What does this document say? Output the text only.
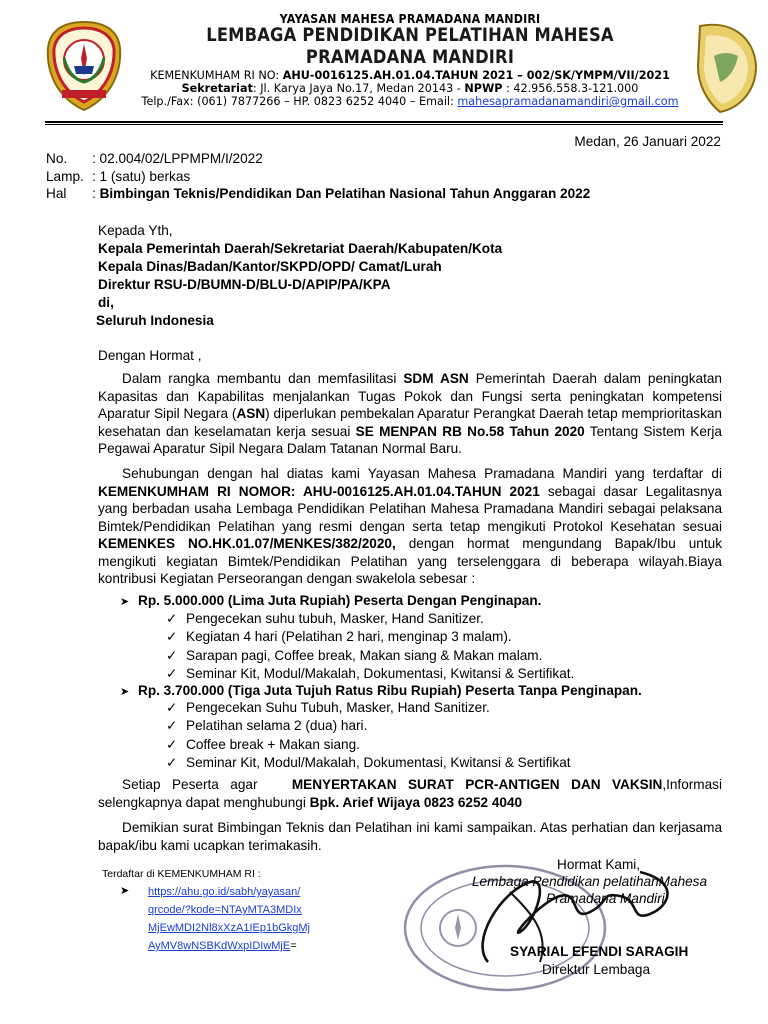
YAYASAN MAHESA PRAMADANA MANDIRI
LEMBAGA PENDIDIKAN PELATIHAN MAHESA PRAMADANA MANDIRI
KEMENKUMHAM RI NO: AHU-0016125.AH.01.04.TAHUN 2021 – 002/SK/YMPM/VII/2021
Sekretariat: Jl. Karya Jaya No.17, Medan 20143 - NPWP : 42.956.558.3-121.000
Telp./Fax: (061) 7877266 – HP. 0823 6252 4040 – Email: mahesapramadanamandiri@gmail.com
Medan, 26 Januari 2022
No.	: 02.004/02/LPPMPM/I/2022
Lamp.	: 1 (satu) berkas
Hal	: Bimbingan Teknis/Pendidikan Dan Pelatihan Nasional Tahun Anggaran 2022
Kepada Yth,
Kepala Pemerintah Daerah/Sekretariat Daerah/Kabupaten/Kota
Kepala Dinas/Badan/Kantor/SKPD/OPD/ Camat/Lurah
Direktur RSU-D/BUMN-D/BLU-D/APIP/PA/KPA
di,
Seluruh Indonesia
Dengan Hormat ,
Dalam rangka membantu dan memfasilitasi SDM ASN Pemerintah Daerah dalam peningkatan Kapasitas dan Kapabilitas menjalankan Tugas Pokok dan Fungsi serta peningkatan kompetensi Aparatur Sipil Negara (ASN) diperlukan pembekalan Aparatur Perangkat Daerah tetap memprioritaskan kesehatan dan keselamatan kerja sesuai SE MENPAN RB No.58 Tahun 2020 Tentang Sistem Kerja Pegawai Aparatur Sipil Negara Dalam Tatanan Normal Baru.
Sehubungan dengan hal diatas kami Yayasan Mahesa Pramadana Mandiri yang terdaftar di KEMENKUMHAM RI NOMOR: AHU-0016125.AH.01.04.TAHUN 2021 sebagai dasar Legalitasnya yang berbadan usaha Lembaga Pendidikan Pelatihan Mahesa Pramadana Mandiri sebagai pelaksana Bimtek/Pendidikan Pelatihan yang resmi dengan serta tetap mengikuti Protokol Kesehatan sesuai KEMENKES NO.HK.01.07/MENKES/382/2020, dengan hormat mengundang Bapak/Ibu untuk mengikuti kegiatan Bimtek/Pendidikan Pelatihan yang terselenggara di beberapa wilayah.Biaya kontribusi Kegiatan Perseorangan dengan swakelola sebesar :
➤ Rp. 5.000.000 (Lima Juta Rupiah) Peserta Dengan Penginapan.
✓ Pengecekan suhu tubuh, Masker, Hand Sanitizer.
✓ Kegiatan 4 hari (Pelatihan 2 hari, menginap 3 malam).
✓ Sarapan pagi, Coffee break, Makan siang & Makan malam.
✓ Seminar Kit, Modul/Makalah, Dokumentasi, Kwitansi & Sertifikat.
➤ Rp. 3.700.000 (Tiga Juta Tujuh Ratus Ribu Rupiah) Peserta Tanpa Penginapan.
✓ Pengecekan Suhu Tubuh, Masker, Hand Sanitizer.
✓ Pelatihan selama 2 (dua) hari.
✓ Coffee break + Makan siang.
✓ Seminar Kit, Modul/Makalah, Dokumentasi, Kwitansi & Sertifikat
Setiap Peserta agar   MENYERTAKAN SURAT PCR-ANTIGEN DAN VAKSIN,Informasi selengkapnya dapat menghubungi Bpk. Arief Wijaya 0823 6252 4040
Demikian surat Bimbingan Teknis dan Pelatihan ini kami sampaikan. Atas perhatian dan kerjasama bapak/ibu kami ucapkan terimakasih.
Terdaftar di KEMENKUMHAM RI :
➤ https://ahu.go.id/sabh/yayasan/
qrcode/?kode=NTAyMTA3MDIx
MjEwMDI2Nl8xXzA1IEp1bGkgMj
AyMV8wNSBKdWxpIDIwMjE=
Hormat Kami,
Lembaga Pendidikan pelatihanMahesa
Pramadana Mandiri
SYARIAL EFENDI SARAGIH
Direktur Lembaga
